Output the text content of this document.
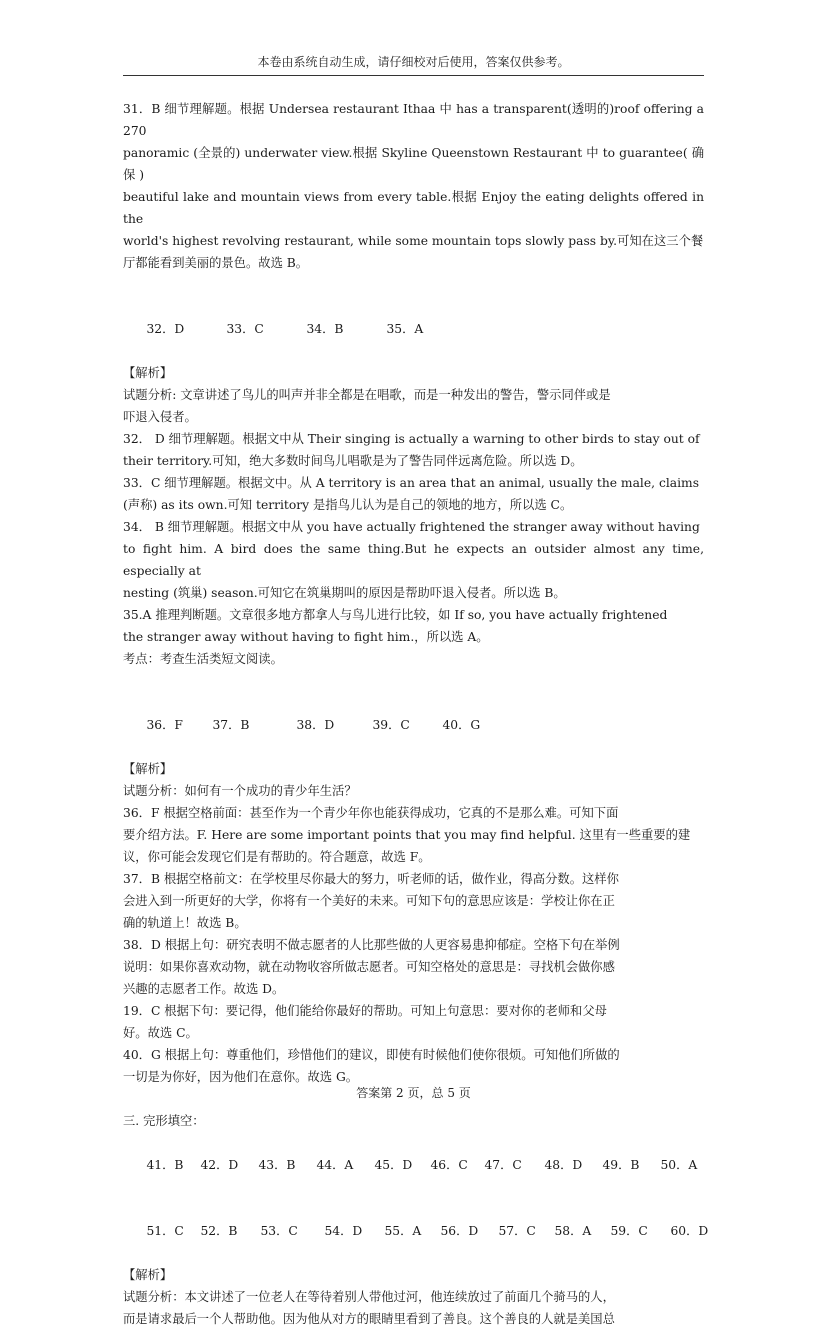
本卷由系统自动生成，请仔细校对后使用，答案仅供参考。

31．B 细节理解题。根据 Undersea restaurant Ithaa 中 has a transparent(透明的)roof offering a 270

panoramic (全景的) underwater view.根据 Skyline Queenstown Restaurant 中 to guarantee( 确保 )

beautiful lake and mountain views from every table.根据 Enjoy the eating delights offered in the

world's highest revolving restaurant, while some mountain tops slowly pass by.可知在这三个餐

厅都能看到美丽的景色。故选 B。

32．D	33．C	34．B	35．A

【解析】

试题分析: 文章讲述了鸟儿的叫声并非全都是在唱歌，而是一种发出的警告，警示同伴或是

吓退入侵者。

32． D 细节理解题。根据文中从 Their singing is actually a warning to other birds to stay out of

their territory.可知，绝大多数时间鸟儿唱歌是为了警告同伴远离危险。所以选 D。

33．C 细节理解题。根据文中。从 A territory is an area that an animal, usually the male, claims

(声称) as its own.可知 territory 是指鸟儿认为是自己的领地的地方，所以选 C。

34． B 细节理解题。根据文中从 you have actually frightened the stranger away without having

to fight him. A bird does the same thing.But he expects an outsider almost any time, especially at

nesting (筑巢) season.可知它在筑巢期叫的原因是帮助吓退入侵者。所以选 B。

35.A 推理判断题。文章很多地方都拿人与鸟儿进行比较，如 If so, you have actually frightened

the stranger away without having to fight him.，所以选 A。

考点：考查生活类短文阅读。

36．F 37．B	38．D	39．C	40．G

【解析】

试题分析：如何有一个成功的青少年生活？

36．F 根据空格前面：甚至作为一个青少年你也能获得成功，它真的不是那么难。可知下面

要介绍方法。F. Here are some important points that you may find helpful. 这里有一些重要的建

议，你可能会发现它们是有帮助的。符合题意，故选 F。

37．B 根据空格前文：在学校里尽你最大的努力，听老师的话，做作业，得高分数。这样你

会进入到一所更好的大学，你将有一个美好的未来。可知下句的意思应该是：学校让你在正

确的轨道上！故选 B。

38．D 根据上句：研究表明不做志愿者的人比那些做的人更容易患抑郁症。空格下句在举例

说明：如果你喜欢动物，就在动物收容所做志愿者。可知空格处的意思是：寻找机会做你感

兴趣的志愿者工作。故选 D。

19．C 根据下句：要记得，他们能给你最好的帮助。可知上句意思：要对你的老师和父母

好。故选 C。

40．G 根据上句：尊重他们，珍惜他们的建议，即使有时候他们使你很烦。可知他们所做的

一切是为你好，因为他们在意你。故选 G。

三. 完形填空：

41．B 42．D 43．B 44．A 45．D 46．C 47．C 48．D 49．B 50．A

51．C 52．B 53．C 54．D 55．A 56．D 57．C 58．A 59．C 60．D

【解析】

试题分析：本文讲述了一位老人在等待着别人带他过河，他连续放过了前面几个骑马的人，

而是请求最后一个人帮助他。因为他从对方的眼睛里看到了善良。这个善良的人就是美国总

答案第 2 页，总 5 页
